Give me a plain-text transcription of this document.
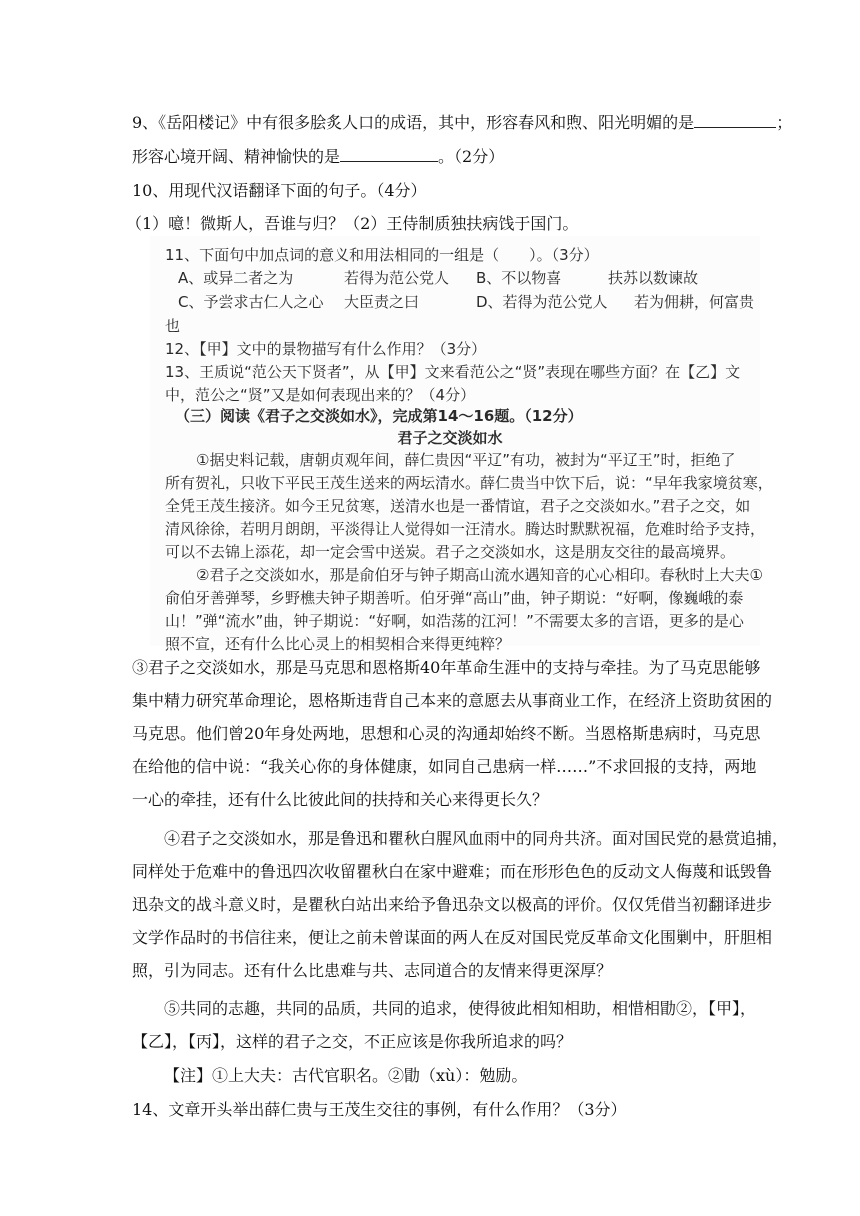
9、《岳阳楼记》中有很多脍炙人口的成语，其中，形容春风和煦、阳光明媚的是	；
形容心境开阔、精神愉快的是	。（2分）
10、用现代汉语翻译下面的句子。（4分）
（1）噫！微斯人，吾谁与归？（2）王侍制质独扶病饯于国门。
11、下面句中加点词的意义和用法相同的一组是（　　）。（3分）
A、或异二者之为	若得为范公党人 B、不以物喜	扶苏以数谏故
C、予尝求古仁人之心 大臣责之曰	D、若得为范公党人 若为佣耕，何富贵
也
12、【甲】文中的景物描写有什么作用？（3分）
13、王质说“范公天下贤者”，从【甲】文来看范公之“贤”表现在哪些方面？在【乙】文
中，范公之“贤”又是如何表现出来的？（4分）
（三）阅读《君子之交淡如水》，完成第14～16题。（12分）
君子之交淡如水
①据史料记载，唐朝贞观年间，薛仁贵因“平辽”有功，被封为“平辽王”时，拒绝了
所有贺礼，只收下平民王茂生送来的两坛清水。薛仁贵当中饮下后，说：“早年我家境贫寒，
全凭王茂生接济。如今王兄贫寒，送清水也是一番情谊，君子之交淡如水。”君子之交，如
清风徐徐，若明月朗朗，平淡得让人觉得如一汪清水。腾达时默默祝福，危难时给予支持，
可以不去锦上添花，却一定会雪中送炭。君子之交淡如水，这是朋友交往的最高境界。
②君子之交淡如水，那是俞伯牙与钟子期高山流水遇知音的心心相印。春秋时上大夫①
俞伯牙善弹琴，乡野樵夫钟子期善听。伯牙弹“高山”曲，钟子期说：“好啊，像巍峨的泰
山！”弹“流水”曲，钟子期说：“好啊，如浩荡的江河！”不需要太多的言语，更多的是心
照不宣，还有什么比心灵上的相契相合来得更纯粹？
③君子之交淡如水，那是马克思和恩格斯40年革命生涯中的支持与牵挂。为了马克思能够
集中精力研究革命理论，恩格斯违背自己本来的意愿去从事商业工作，在经济上资助贫困的
马克思。他们曾20年身处两地，思想和心灵的沟通却始终不断。当恩格斯患病时，马克思
在给他的信中说：“我关心你的身体健康，如同自己患病一样……”不求回报的支持，两地
一心的牵挂，还有什么比彼此间的扶持和关心来得更长久？
④君子之交淡如水，那是鲁迅和瞿秋白腥风血雨中的同舟共济。面对国民党的悬赏追捕，
同样处于危难中的鲁迅四次收留瞿秋白在家中避难；而在形形色色的反动文人侮蔑和诋毁鲁
迅杂文的战斗意义时，是瞿秋白站出来给予鲁迅杂文以极高的评价。仅仅凭借当初翻译进步
文学作品时的书信往来，便让之前未曾谋面的两人在反对国民党反革命文化围剿中，肝胆相
照，引为同志。还有什么比患难与共、志同道合的友情来得更深厚？
⑤共同的志趣，共同的品质，共同的追求，使得彼此相知相助，相惜相勖②，【甲】，
【乙】，【丙】，这样的君子之交，不正应该是你我所追求的吗？
【注】①上大夫：古代官职名。②勖（xù）：勉励。
14、文章开头举出薛仁贵与王茂生交往的事例，有什么作用？（3分）
